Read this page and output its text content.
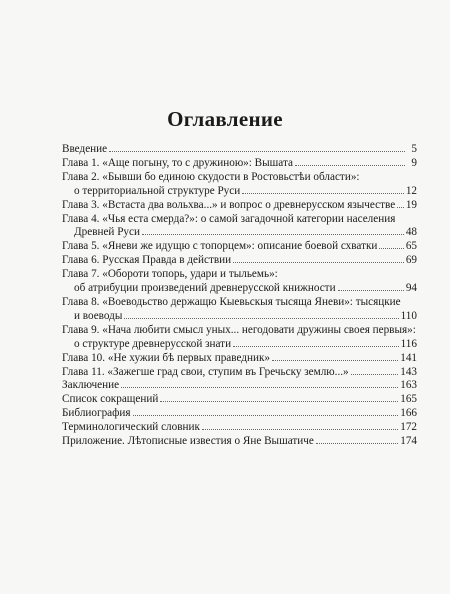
Оглавление
Введение	5
Глава 1. «Аще погыну, то с дружиною»: Вышата	9
Глава 2. «Бывши бо единою скудости в Ростовьстѣи области»:
о территориальной структуре Руси	12
Глава 3. «Встаста два вольхва...» и вопрос о древнерусском язычестве 19
Глава 4. «Чья еста смерда?»: о самой загадочной категории населения
Древней Руси	48
Глава 5. «Яневи же идущю с топорцем»: описание боевой схватки	65
Глава 6. Русская Правда в действии	69
Глава 7. «Обороти топорь, удари и тыльемь»:
об атрибуции произведений древнерусской книжности	94
Глава 8. «Воеводьство держащю Кыевьскыя тысяща Яневи»: тысяцкие
и воеводы	110
Глава 9. «Нача любити смысл уных... негодовати дружины своея первыя»:
о структуре древнерусской знати	116
Глава 10. «Не хужии бѣ первых праведник»	141
Глава 11. «Зажегше град свои, ступим въ Гречьску землю...»	143
Заключение	163
Список сокращений	165
Библиография	166
Терминологический словник	172
Приложение. Лѣтописные известия о Яне Вышатиче	174
